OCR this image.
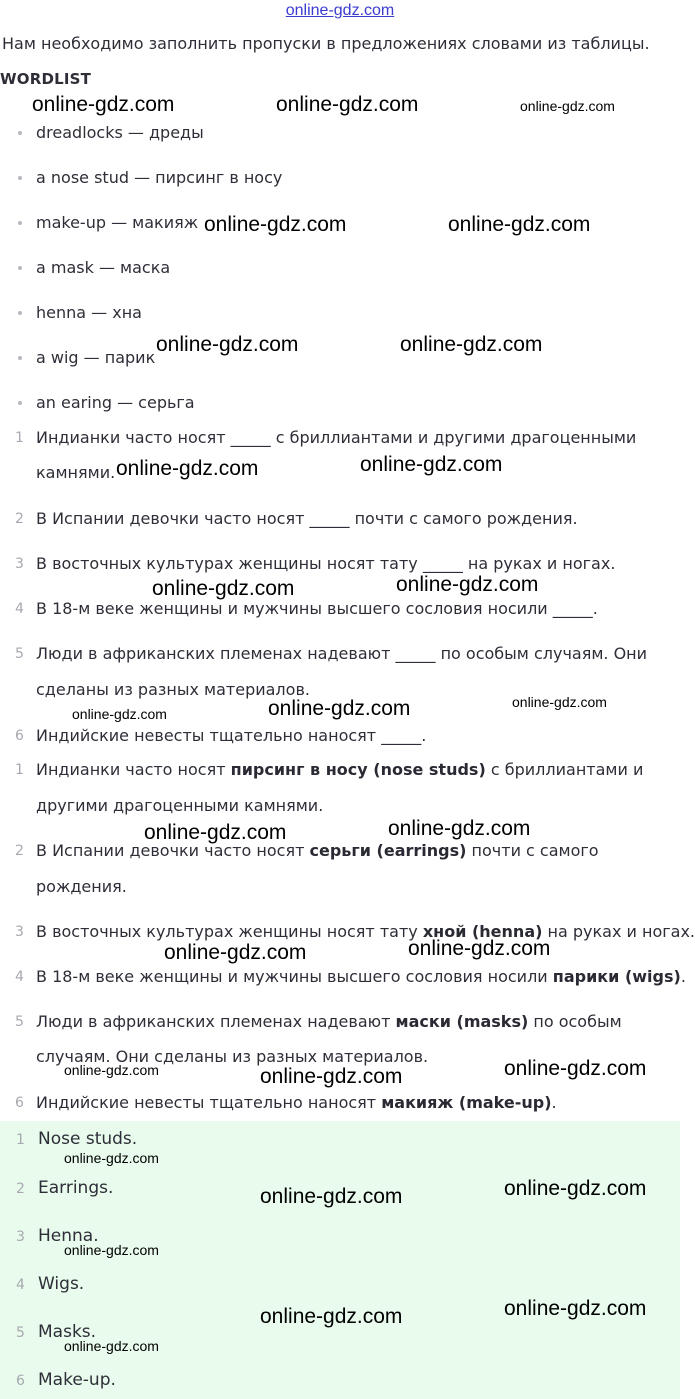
online-gdz.com
Нам необходимо заполнить пропуски в предложениях словами из таблицы.
WORDLIST
dreadlocks — дреды
a nose stud — пирсинг в носу
make-up — макияж
a mask — маска
henna — хна
a wig — парик
an earing — серьга
1 Индианки часто носят _____ с бриллиантами и другими драгоценными
камнями.
2 В Испании девочки часто носят _____ почти с самого рождения.
3 В восточных культурах женщины носят тату _____ на руках и ногах.
4 В 18-м веке женщины и мужчины высшего сословия носили _____.
5 Люди в африканских племенах надевают _____ по особым случаям. Они
сделаны из разных материалов.
6 Индийские невесты тщательно наносят _____.
1 Индианки часто носят пирсинг в носу (nose studs) с бриллиантами и
другими драгоценными камнями.
2 В Испании девочки часто носят серьги (earrings) почти с самого
рождения.
3 В восточных культурах женщины носят тату хной (henna) на руках и ногах.
4 В 18-м веке женщины и мужчины высшего сословия носили парики (wigs).
5 Люди в африканских племенах надевают маски (masks) по особым
случаям. Они сделаны из разных материалов.
6 Индийские невесты тщательно наносят макияж (make-up).
1 Nose studs.
2 Earrings.
3 Henna.
4 Wigs.
5 Masks.
6 Make-up.
online-gdz.com	online-gdz.com	online-gdz.com
online-gdz.com	online-gdz.com
online-gdz.com	online-gdz.com
online-gdz.com	online-gdz.com
online-gdz.com	online-gdz.com
online-gdz.com	online-gdz.com	online-gdz.com
online-gdz.com	online-gdz.com
online-gdz.com	online-gdz.com
online-gdz.com	online-gdz.com	online-gdz.com
online-gdz.com
online-gdz.com	online-gdz.com
online-gdz.com
online-gdz.com	online-gdz.com
online-gdz.com
